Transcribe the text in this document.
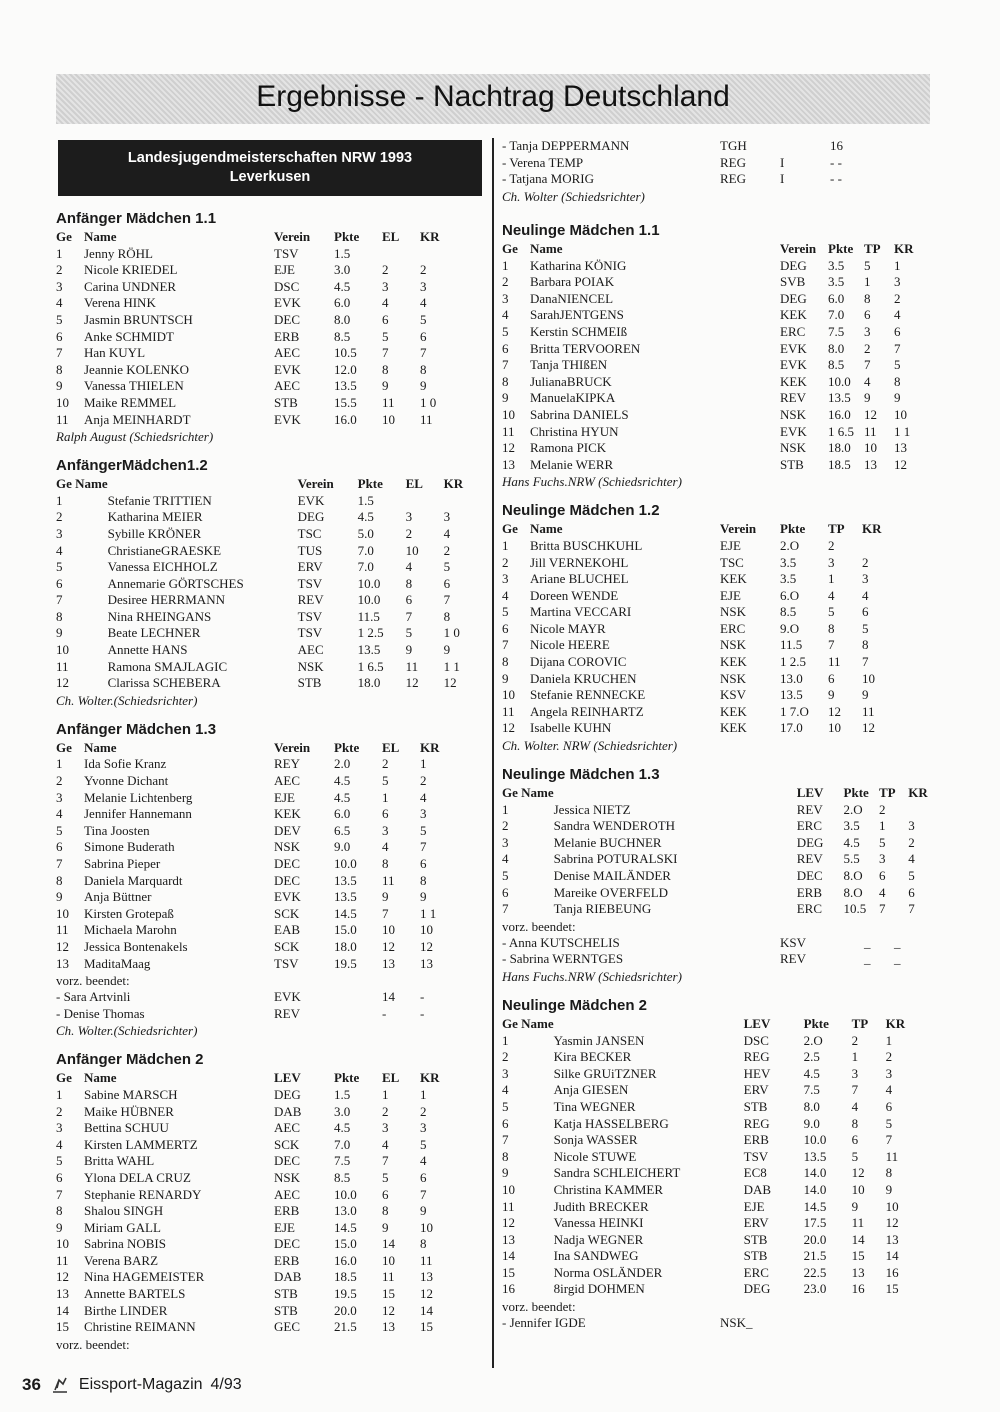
Ergebnisse - Nachtrag Deutschland
Landesjugendmeisterschaften NRW 1993
Leverkusen
Anfänger Mädchen 1.1
Ge	Name	Verein	Pkte	EL	KR
1	Jenny RÖHL	TSV	1.5		
2	Nicole KRIEDEL	EJE	3.0	2	2
3	Carina UNDNER	DSC	4.5	3	3
4	Verena HINK	EVK	6.0	4	4
5	Jasmin BRUNTSCH	DEC	8.0	6	5
6	Anke SCHMIDT	ERB	8.5	5	6
7	Han KUYL	AEC	10.5	7	7
8	Jeannie KOLENKO	EVK	12.0	8	8
9	Vanessa THIELEN	AEC	13.5	9	9
10	Maike REMMEL	STB	15.5	11	1 0
11	Anja MEINHARDT	EVK	16.0	10	11
Ralph August (Schiedsrichter)
AnfängerMädchen1.2
Ge Name		Verein	Pkte	EL	KR
1	Stefanie TRITTIEN	EVK	1.5		
2	Katharina MEIER	DEG	4.5	3	3
3	Sybille KRÖNER	TSC	5.0	2	4
4	ChristianeGRAESKE	TUS	7.0	10	2
5	Vanessa EICHHOLZ	ERV	7.0	4	5
6	Annemarie GÖRTSCHES	TSV	10.0	8	6
7	Desiree HERRMANN	REV	10.0	6	7
8	Nina RHEINGANS	TSV	11.5	7	8
9	Beate LECHNER	TSV	1 2.5	5	1 0
10	Annette HANS	AEC	13.5	9	9
11	Ramona SMAJLAGIC	NSK	1 6.5	11	1 1
12	Clarissa SCHEBERA	STB	18.0	12	12
Ch. Wolter.(Schiedsrichter)
Anfänger Mädchen 1.3
Ge	Name	Verein	Pkte	EL	KR
1	Ida Sofie Kranz	REY	2.0	2	1
2	Yvonne Dichant	AEC	4.5	5	2
3	Melanie Lichtenberg	EJE	4.5	1	4
4	Jennifer Hannemann	KEK	6.0	6	3
5	Tina Joosten	DEV	6.5	3	5
6	Simone Buderath	NSK	9.0	4	7
7	Sabrina Pieper	DEC	10.0	8	6
8	Daniela Marquardt	DEC	13.5	11	8
9	Anja Büttner	EVK	13.5	9	9
10	Kirsten Grotepaß	SCK	14.5	7	1 1
11	Michaela Marohn	EAB	15.0	10	10
12	Jessica Bontenakels	SCK	18.0	12	12
13	MaditaMaag	TSV	19.5	13	13
vorz. beendet:
- Sara Artvinli	EVK		14	-
- Denise Thomas	REV		-	-
Ch. Wolter.(Schiedsrichter)
Anfänger Mädchen 2
Ge	Name	LEV	Pkte	EL	KR
1	Sabine MARSCH	DEG	1.5	1	1
2	Maike HÜBNER	DAB	3.0	2	2
3	Bettina SCHUU	AEC	4.5	3	3
4	Kirsten LAMMERTZ	SCK	7.0	4	5
5	Britta WAHL	DEC	7.5	7	4
6	Ylona DELA CRUZ	NSK	8.5	5	6
7	Stephanie RENARDY	AEC	10.0	6	7
8	Shalou SINGH	ERB	13.0	8	9
9	Miriam GALL	EJE	14.5	9	10
10	Sabrina NOBIS	DEC	15.0	14	8
11	Verena BARZ	ERB	16.0	10	11
12	Nina HAGEMEISTER	DAB	18.5	11	13
13	Annette BARTELS	STB	19.5	15	12
14	Birthe LINDER	STB	20.0	12	14
15	Christine REIMANN	GEC	21.5	13	15
vorz. beendet:
- Tanja DEPPERMANN	TGH		16
- Verena TEMP	REG	I	- -
- Tatjana MORIG	REG	I	- -
Ch. Wolter (Schiedsrichter)
Neulinge Mädchen 1.1
Ge	Name	Verein	Pkte	TP	KR
1	Katharina KÖNIG	DEG	3.5	5	1
2	Barbara POIAK	SVB	3.5	1	3
3	DanaNIENCEL	DEG	6.0	8	2
4	SarahJENTGENS	KEK	7.0	6	4
5	Kerstin SCHMEIß	ERC	7.5	3	6
6	Britta TERVOOREN	EVK	8.0	2	7
7	Tanja THIßEN	EVK	8.5	7	5
8	JulianaBRUCK	KEK	10.0	4	8
9	ManuelaKIPKA	REV	13.5	9	9
10	Sabrina DANIELS	NSK	16.0	12	10
11	Christina HYUN	EVK	1 6.5	11	1 1
12	Ramona PICK	NSK	18.0	10	13
13	Melanie WERR	STB	18.5	13	12
Hans Fuchs.NRW (Schiedsrichter)
Neulinge Mädchen 1.2
Ge	Name	Verein	Pkte	TP	KR
1	Britta BUSCHKUHL	EJE	2.O	2	
2	Jill VERNEKOHL	TSC	3.5	3	2
3	Ariane BLUCHEL	KEK	3.5	1	3
4	Doreen WENDE	EJE	6.O	4	4
5	Martina VECCARI	NSK	8.5	5	6
6	Nicole MAYR	ERC	9.O	8	5
7	Nicole HEERE	NSK	11.5	7	8
8	Dijana COROVIC	KEK	1 2.5	11	7
9	Daniela KRUCHEN	NSK	13.0	6	10
10	Stefanie RENNECKE	KSV	13.5	9	9
11	Angela REINHARTZ	KEK	1 7.O	12	11
12	Isabelle KUHN	KEK	17.0	10	12
Ch. Wolter. NRW (Schiedsrichter)
Neulinge Mädchen 1.3
Ge Name		LEV	Pkte	TP	KR
1	Jessica NIETZ	REV	2.O	2	
2	Sandra WENDEROTH	ERC	3.5	1	3
3	Melanie BUCHNER	DEG	4.5	5	2
4	Sabrina POTURALSKI	REV	5.5	3	4
5	Denise MAILÄNDER	DEC	8.O	6	5
6	Mareike OVERFELD	ERB	8.O	4	6
7	Tanja RIEBEUNG	ERC	10.5	7	7
vorz. beendet:
- Anna KUTSCHELIS	KSV		_	_
- Sabrina WERNTGES	REV		_	_
Hans Fuchs.NRW (Schiedsrichter)
Neulinge Mädchen 2
Ge Name		LEV	Pkte	TP	KR
1	Yasmin JANSEN	DSC	2.O	2	1
2	Kira BECKER	REG	2.5	1	2
3	Silke GRUiTZNER	HEV	4.5	3	3
4	Anja GIESEN	ERV	7.5	7	4
5	Tina WEGNER	STB	8.0	4	6
6	Katja HASSELBERG	REG	9.0	8	5
7	Sonja WASSER	ERB	10.0	6	7
8	Nicole STUWE	TSV	13.5	5	11
9	Sandra SCHLEICHERT	EC8	14.0	12	8
10	Christina KAMMER	DAB	14.0	10	9
11	Judith BRECKER	EJE	14.5	9	10
12	Vanessa HEINKI	ERV	17.5	11	12
13	Nadja WEGNER	STB	20.0	14	13
14	Ina SANDWEG	STB	21.5	15	14
15	Norma OSLÄNDER	ERC	22.5	13	16
16	8irgid DOHMEN	DEG	23.0	16	15
vorz. beendet:
- Jennifer IGDE	NSK_			
36 Eissport-Magazin 4/93
